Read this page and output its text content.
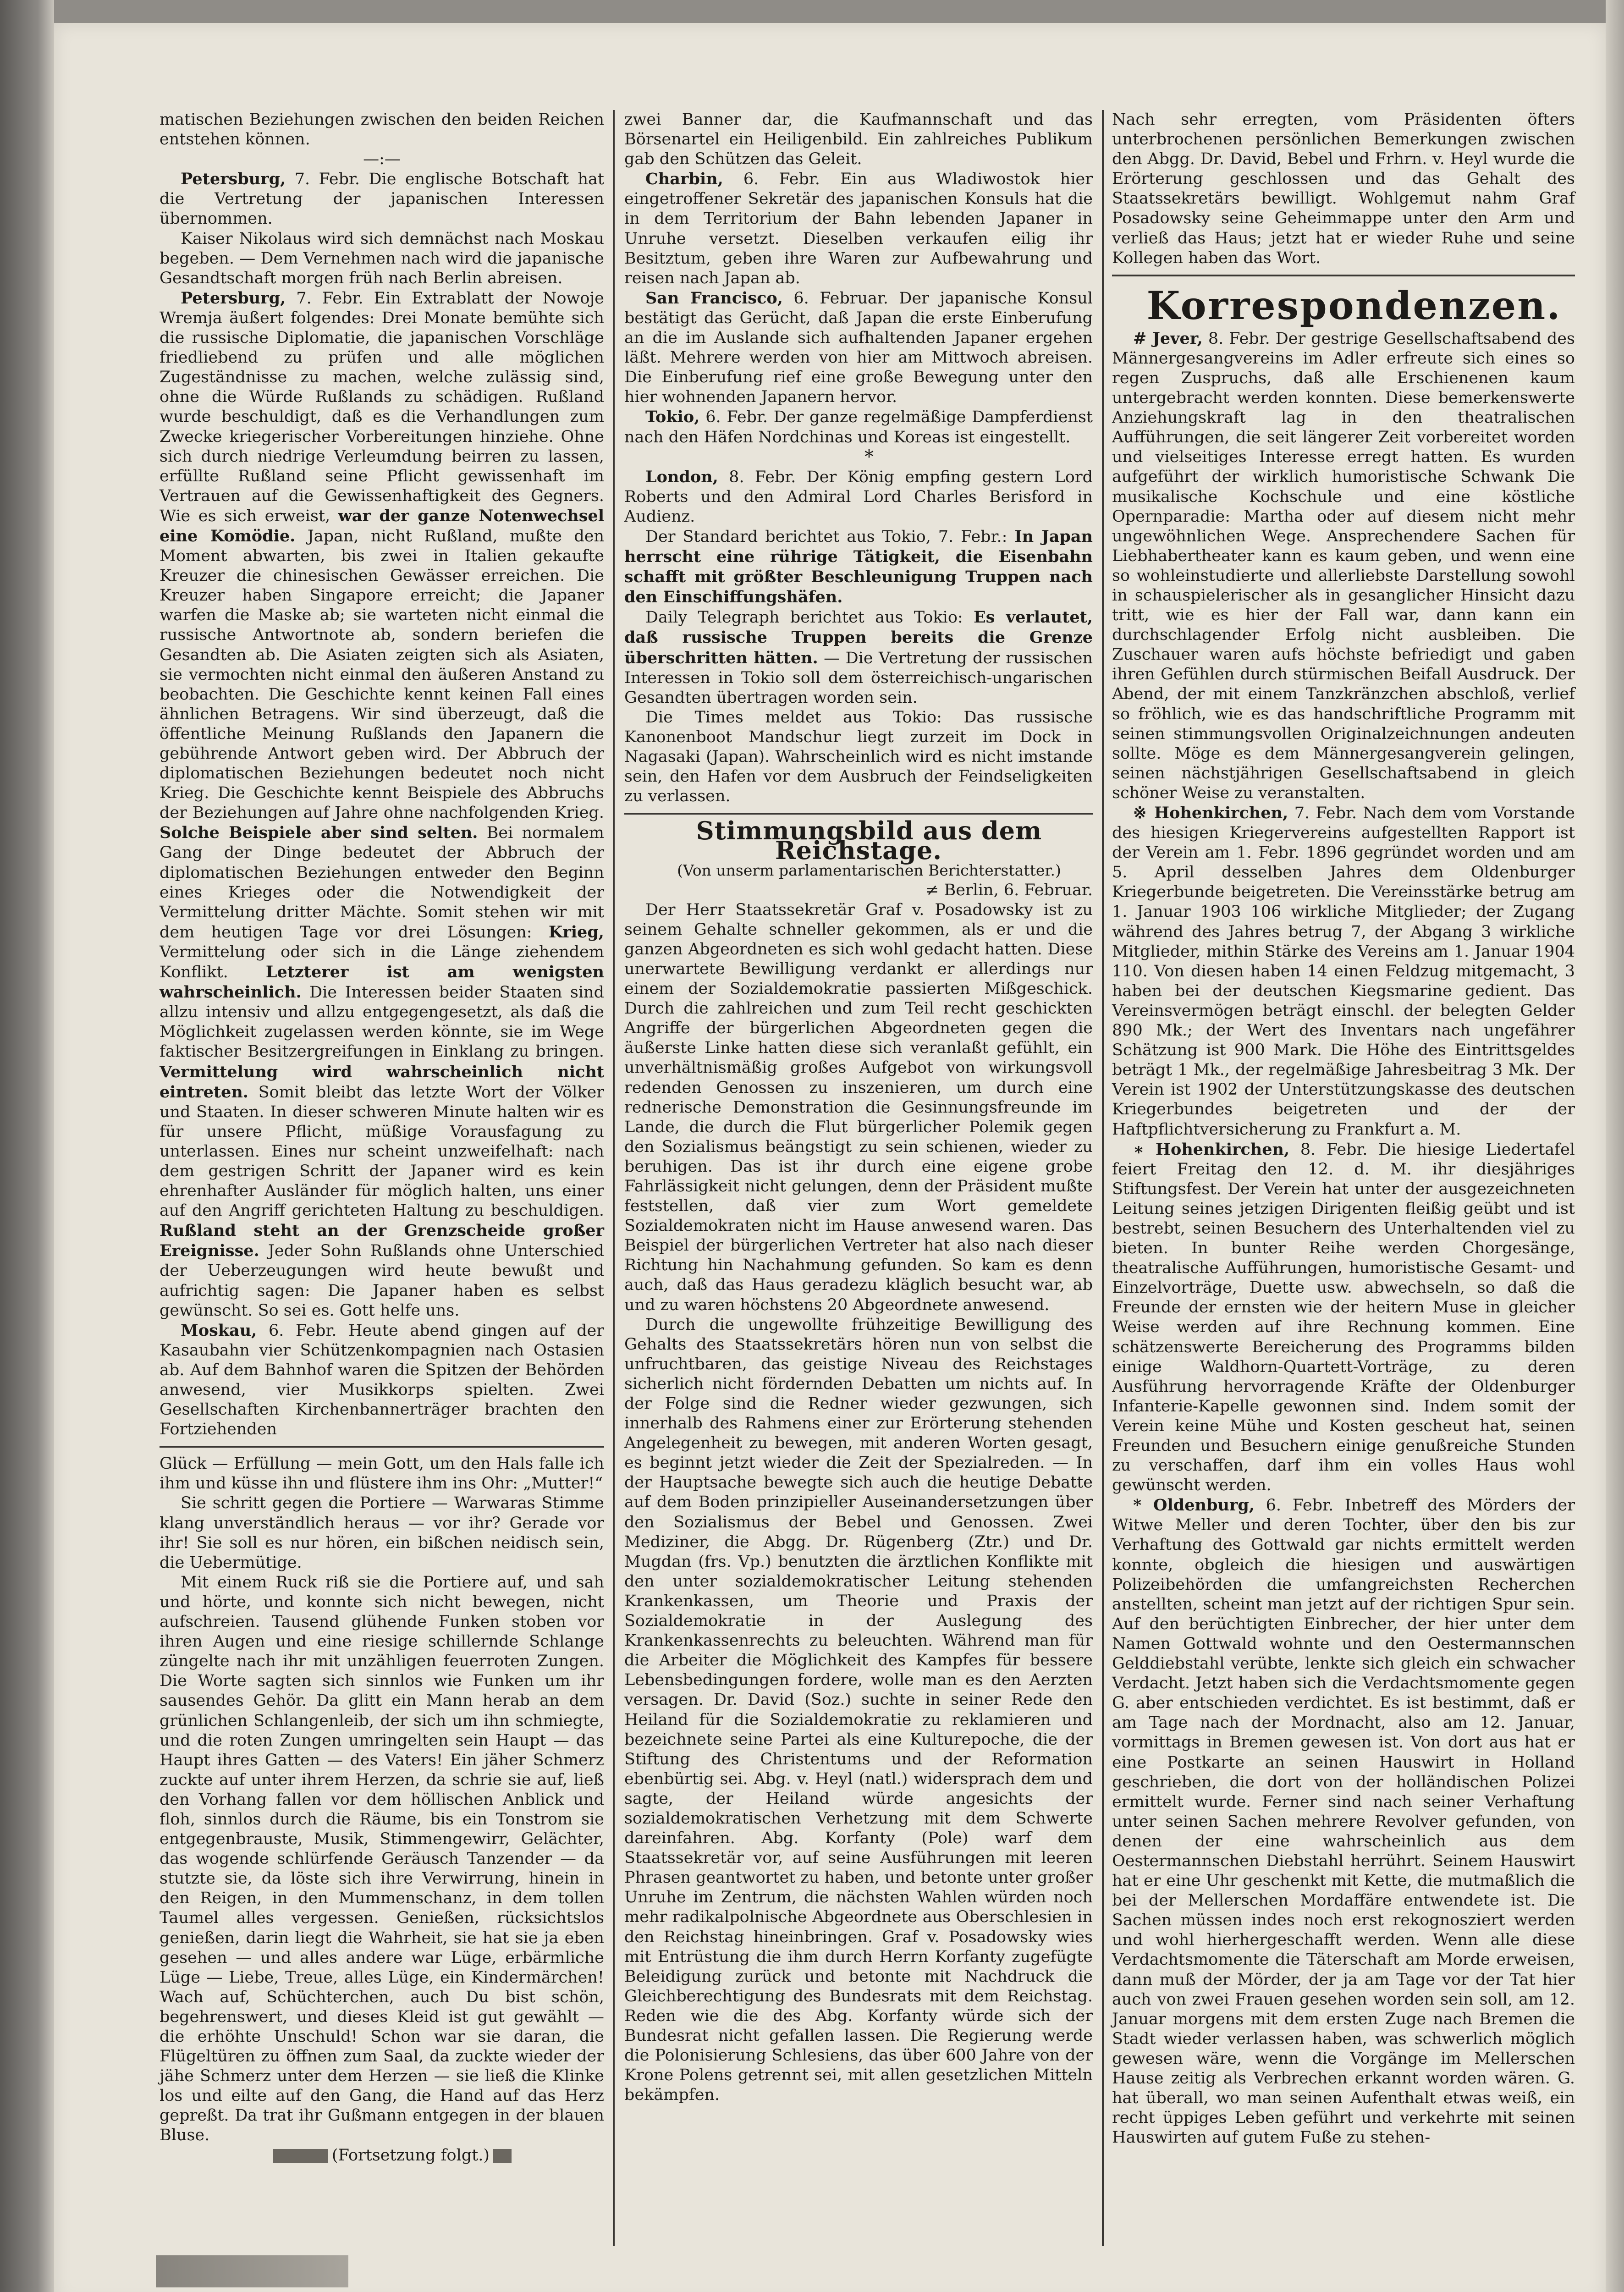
matischen Beziehungen zwischen den beiden Reichen entstehen können.

—:—

Petersburg, 7. Febr. Die englische Botschaft hat die Vertretung der japanischen Interessen übernommen.

Kaiser Nikolaus wird sich demnächst nach Moskau begeben. — Dem Vernehmen nach wird die japanische Gesandtschaft morgen früh nach Berlin abreisen.

Petersburg, 7. Febr. Ein Extrablatt der Nowoje Wremja äußert folgendes: Drei Monate bemühte sich die russische Diplomatie, die japanischen Vorschläge friedliebend zu prüfen und alle möglichen Zugeständnisse zu machen, welche zulässig sind, ohne die Würde Rußlands zu schädigen. Rußland wurde beschuldigt, daß es die Verhandlungen zum Zwecke kriegerischer Vorbereitungen hinziehe. Ohne sich durch niedrige Verleumdung beirren zu lassen, erfüllte Rußland seine Pflicht gewissenhaft im Vertrauen auf die Gewissenhaftigkeit des Gegners. Wie es sich erweist, war der ganze Notenwechsel eine Komödie. Japan, nicht Rußland, mußte den Moment abwarten, bis zwei in Italien gekaufte Kreuzer die chinesischen Gewässer erreichen. Die Kreuzer haben Singapore erreicht; die Japaner warfen die Maske ab; sie warteten nicht einmal die russische Antwortnote ab, sondern beriefen die Gesandten ab. Die Asiaten zeigten sich als Asiaten, sie vermochten nicht einmal den äußeren Anstand zu beobachten. Die Geschichte kennt keinen Fall eines ähnlichen Betragens. Wir sind überzeugt, daß die öffentliche Meinung Rußlands den Japanern die gebührende Antwort geben wird. Der Abbruch der diplomatischen Beziehungen bedeutet noch nicht Krieg. Die Geschichte kennt Beispiele des Abbruchs der Beziehungen auf Jahre ohne nachfolgenden Krieg. Solche Beispiele aber sind selten. Bei normalem Gang der Dinge bedeutet der Abbruch der diplomatischen Beziehungen entweder den Beginn eines Krieges oder die Notwendigkeit der Vermittelung dritter Mächte. Somit stehen wir mit dem heutigen Tage vor drei Lösungen: Krieg, Vermittelung oder sich in die Länge ziehendem Konflikt. Letzterer ist am wenigsten wahrscheinlich. Die Interessen beider Staaten sind allzu intensiv und allzu entgegengesetzt, als daß die Möglichkeit zugelassen werden könnte, sie im Wege faktischer Besitzergreifungen in Einklang zu bringen. Vermittelung wird wahrscheinlich nicht eintreten. Somit bleibt das letzte Wort der Völker und Staaten. In dieser schweren Minute halten wir es für unsere Pflicht, müßige Vorausfagung zu unterlassen. Eines nur scheint unzweifelhaft: nach dem gestrigen Schritt der Japaner wird es kein ehrenhafter Ausländer für möglich halten, uns einer auf den Angriff gerichteten Haltung zu beschuldigen. Rußland steht an der Grenzscheide großer Ereignisse. Jeder Sohn Rußlands ohne Unterschied der Ueberzeugungen wird heute bewußt und aufrichtig sagen: Die Japaner haben es selbst gewünscht. So sei es. Gott helfe uns.

Moskau, 6. Febr. Heute abend gingen auf der Kasaubahn vier Schützenkompagnien nach Ostasien ab. Auf dem Bahnhof waren die Spitzen der Behörden anwesend, vier Musikkorps spielten. Zwei Gesellschaften Kirchenbannerträger brachten den Fortziehenden

Glück — Erfüllung — mein Gott, um den Hals falle ich ihm und küsse ihn und flüstere ihm ins Ohr: „Mutter!“

Sie schritt gegen die Portiere — Warwaras Stimme klang unverständlich heraus — vor ihr? Gerade vor ihr! Sie soll es nur hören, ein bißchen neidisch sein, die Uebermütige.

Mit einem Ruck riß sie die Portiere auf, und sah und hörte, und konnte sich nicht bewegen, nicht aufschreien. Tausend glühende Funken stoben vor ihren Augen und eine riesige schillernde Schlange züngelte nach ihr mit unzähligen feuerroten Zungen. Die Worte sagten sich sinnlos wie Funken um ihr sausendes Gehör. Da glitt ein Mann herab an dem grünlichen Schlangenleib, der sich um ihn schmiegte, und die roten Zungen umringelten sein Haupt — das Haupt ihres Gatten — des Vaters! Ein jäher Schmerz zuckte auf unter ihrem Herzen, da schrie sie auf, ließ den Vorhang fallen vor dem höllischen Anblick und floh, sinnlos durch die Räume, bis ein Tonstrom sie entgegenbrauste, Musik, Stimmengewirr, Gelächter, das wogende schlürfende Geräusch Tanzender — da stutzte sie, da löste sich ihre Verwirrung, hinein in den Reigen, in den Mummenschanz, in dem tollen Taumel alles vergessen. Genießen, rücksichtslos genießen, darin liegt die Wahrheit, sie hat sie ja eben gesehen — und alles andere war Lüge, erbärmliche Lüge — Liebe, Treue, alles Lüge, ein Kindermärchen! Wach auf, Schüchterchen, auch Du bist schön, begehrenswert, und dieses Kleid ist gut gewählt — die erhöhte Unschuld! Schon war sie daran, die Flügeltüren zu öffnen zum Saal, da zuckte wieder der jähe Schmerz unter dem Herzen — sie ließ die Klinke los und eilte auf den Gang, die Hand auf das Herz gepreßt. Da trat ihr Gußmann entgegen in der blauen Bluse.

(Fortsetzung folgt.)

zwei Banner dar, die Kaufmannschaft und das Börsenartel ein Heiligenbild. Ein zahlreiches Publikum gab den Schützen das Geleit.

Charbin, 6. Febr. Ein aus Wladiwostok hier eingetroffener Sekretär des japanischen Konsuls hat die in dem Territorium der Bahn lebenden Japaner in Unruhe versetzt. Dieselben verkaufen eilig ihr Besitztum, geben ihre Waren zur Aufbewahrung und reisen nach Japan ab.

San Francisco, 6. Februar. Der japanische Konsul bestätigt das Gerücht, daß Japan die erste Einberufung an die im Auslande sich aufhaltenden Japaner ergehen läßt. Mehrere werden von hier am Mittwoch abreisen. Die Einberufung rief eine große Bewegung unter den hier wohnenden Japanern hervor.

Tokio, 6. Febr. Der ganze regelmäßige Dampferdienst nach den Häfen Nordchinas und Koreas ist eingestellt.

*

London, 8. Febr. Der König empfing gestern Lord Roberts und den Admiral Lord Charles Berisford in Audienz.

Der Standard berichtet aus Tokio, 7. Febr.: In Japan herrscht eine rührige Tätigkeit, die Eisenbahn schafft mit größter Beschleunigung Truppen nach den Einschiffungshäfen.

Daily Telegraph berichtet aus Tokio: Es verlautet, daß russische Truppen bereits die Grenze überschritten hätten. — Die Vertretung der russischen Interessen in Tokio soll dem österreichisch-ungarischen Gesandten übertragen worden sein.

Die Times meldet aus Tokio: Das russische Kanonenboot Mandschur liegt zurzeit im Dock in Nagasaki (Japan). Wahrscheinlich wird es nicht imstande sein, den Hafen vor dem Ausbruch der Feindseligkeiten zu verlassen.

Stimmungsbild aus dem Reichstage.

(Von unserm parlamentarischen Berichterstatter.)

≠ Berlin, 6. Februar.

Der Herr Staatssekretär Graf v. Posadowsky ist zu seinem Gehalte schneller gekommen, als er und die ganzen Abgeordneten es sich wohl gedacht hatten. Diese unerwartete Bewilligung verdankt er allerdings nur einem der Sozialdemokratie passierten Mißgeschick. Durch die zahlreichen und zum Teil recht geschickten Angriffe der bürgerlichen Abgeordneten gegen die äußerste Linke hatten diese sich veranlaßt gefühlt, ein unverhältnismäßig großes Aufgebot von wirkungsvoll redenden Genossen zu inszenieren, um durch eine rednerische Demonstration die Gesinnungsfreunde im Lande, die durch die Flut bürgerlicher Polemik gegen den Sozialismus beängstigt zu sein schienen, wieder zu beruhigen. Das ist ihr durch eine eigene grobe Fahrlässigkeit nicht gelungen, denn der Präsident mußte feststellen, daß vier zum Wort gemeldete Sozialdemokraten nicht im Hause anwesend waren. Das Beispiel der bürgerlichen Vertreter hat also nach dieser Richtung hin Nachahmung gefunden. So kam es denn auch, daß das Haus geradezu kläglich besucht war, ab und zu waren höchstens 20 Abgeordnete anwesend.

Durch die ungewollte frühzeitige Bewilligung des Gehalts des Staatssekretärs hören nun von selbst die unfruchtbaren, das geistige Niveau des Reichstages sicherlich nicht fördernden Debatten um nichts auf. In der Folge sind die Redner wieder gezwungen, sich innerhalb des Rahmens einer zur Erörterung stehenden Angelegenheit zu bewegen, mit anderen Worten gesagt, es beginnt jetzt wieder die Zeit der Spezialreden. — In der Hauptsache bewegte sich auch die heutige Debatte auf dem Boden prinzipieller Auseinandersetzungen über den Sozialismus der Bebel und Genossen. Zwei Mediziner, die Abgg. Dr. Rügenberg (Ztr.) und Dr. Mugdan (frs. Vp.) benutzten die ärztlichen Konflikte mit den unter sozialdemokratischer Leitung stehenden Krankenkassen, um Theorie und Praxis der Sozialdemokratie in der Auslegung des Krankenkassenrechts zu beleuchten. Während man für die Arbeiter die Möglichkeit des Kampfes für bessere Lebensbedingungen fordere, wolle man es den Aerzten versagen. Dr. David (Soz.) suchte in seiner Rede den Heiland für die Sozialdemokratie zu reklamieren und bezeichnete seine Partei als eine Kulturepoche, die der Stiftung des Christentums und der Reformation ebenbürtig sei. Abg. v. Heyl (natl.) widersprach dem und sagte, der Heiland würde angesichts der sozialdemokratischen Verhetzung mit dem Schwerte dareinfahren. Abg. Korfanty (Pole) warf dem Staatssekretär vor, auf seine Ausführungen mit leeren Phrasen geantwortet zu haben, und betonte unter großer Unruhe im Zentrum, die nächsten Wahlen würden noch mehr radikalpolnische Abgeordnete aus Oberschlesien in den Reichstag hineinbringen. Graf v. Posadowsky wies mit Entrüstung die ihm durch Herrn Korfanty zugefügte Beleidigung zurück und betonte mit Nachdruck die Gleichberechtigung des Bundesrats mit dem Reichstag. Reden wie die des Abg. Korfanty würde sich der Bundesrat nicht gefallen lassen. Die Regierung werde die Polonisierung Schlesiens, das über 600 Jahre von der Krone Polens getrennt sei, mit allen gesetzlichen Mitteln bekämpfen.

Nach sehr erregten, vom Präsidenten öfters unterbrochenen persönlichen Bemerkungen zwischen den Abgg. Dr. David, Bebel und Frhrn. v. Heyl wurde die Erörterung geschlossen und das Gehalt des Staatssekretärs bewilligt. Wohlgemut nahm Graf Posadowsky seine Geheimmappe unter den Arm und verließ das Haus; jetzt hat er wieder Ruhe und seine Kollegen haben das Wort.

Korrespondenzen.

# Jever, 8. Febr. Der gestrige Gesellschaftsabend des Männergesangvereins im Adler erfreute sich eines so regen Zuspruchs, daß alle Erschienenen kaum untergebracht werden konnten. Diese bemerkenswerte Anziehungskraft lag in den theatralischen Aufführungen, die seit längerer Zeit vorbereitet worden und vielseitiges Interesse erregt hatten. Es wurden aufgeführt der wirklich humoristische Schwank Die musikalische Kochschule und eine köstliche Opernparadie: Martha oder auf diesem nicht mehr ungewöhnlichen Wege. Ansprechendere Sachen für Liebhabertheater kann es kaum geben, und wenn eine so wohleinstudierte und allerliebste Darstellung sowohl in schauspielerischer als in gesanglicher Hinsicht dazu tritt, wie es hier der Fall war, dann kann ein durchschlagender Erfolg nicht ausbleiben. Die Zuschauer waren aufs höchste befriedigt und gaben ihren Gefühlen durch stürmischen Beifall Ausdruck. Der Abend, der mit einem Tanzkränzchen abschloß, verlief so fröhlich, wie es das handschriftliche Programm mit seinen stimmungsvollen Originalzeichnungen andeuten sollte. Möge es dem Männergesangverein gelingen, seinen nächstjährigen Gesellschaftsabend in gleich schöner Weise zu veranstalten.

※ Hohenkirchen, 7. Febr. Nach dem vom Vorstande des hiesigen Kriegervereins aufgestellten Rapport ist der Verein am 1. Febr. 1896 gegründet worden und am 5. April desselben Jahres dem Oldenburger Kriegerbunde beigetreten. Die Vereinsstärke betrug am 1. Januar 1903 106 wirkliche Mitglieder; der Zugang während des Jahres betrug 7, der Abgang 3 wirkliche Mitglieder, mithin Stärke des Vereins am 1. Januar 1904 110. Von diesen haben 14 einen Feldzug mitgemacht, 3 haben bei der deutschen Kiegsmarine gedient. Das Vereinsvermögen beträgt einschl. der belegten Gelder 890 Mk.; der Wert des Inventars nach ungefährer Schätzung ist 900 Mark. Die Höhe des Eintrittsgeldes beträgt 1 Mk., der regelmäßige Jahresbeitrag 3 Mk. Der Verein ist 1902 der Unterstützungskasse des deutschen Kriegerbundes beigetreten und der der Haftpflichtversicherung zu Frankfurt a. M.

∗ Hohenkirchen, 8. Febr. Die hiesige Liedertafel feiert Freitag den 12. d. M. ihr diesjähriges Stiftungsfest. Der Verein hat unter der ausgezeichneten Leitung seines jetzigen Dirigenten fleißig geübt und ist bestrebt, seinen Besuchern des Unterhaltenden viel zu bieten. In bunter Reihe werden Chorgesänge, theatralische Aufführungen, humoristische Gesamt- und Einzelvorträge, Duette usw. abwechseln, so daß die Freunde der ernsten wie der heitern Muse in gleicher Weise werden auf ihre Rechnung kommen. Eine schätzenswerte Bereicherung des Programms bilden einige Waldhorn-Quartett-Vorträge, zu deren Ausführung hervorragende Kräfte der Oldenburger Infanterie-Kapelle gewonnen sind. Indem somit der Verein keine Mühe und Kosten gescheut hat, seinen Freunden und Besuchern einige genußreiche Stunden zu verschaffen, darf ihm ein volles Haus wohl gewünscht werden.

* Oldenburg, 6. Febr. Inbetreff des Mörders der Witwe Meller und deren Tochter, über den bis zur Verhaftung des Gottwald gar nichts ermittelt werden konnte, obgleich die hiesigen und auswärtigen Polizeibehörden die umfangreichsten Recherchen anstellten, scheint man jetzt auf der richtigen Spur sein. Auf den berüchtigten Einbrecher, der hier unter dem Namen Gottwald wohnte und den Oestermannschen Gelddiebstahl verübte, lenkte sich gleich ein schwacher Verdacht. Jetzt haben sich die Verdachtsmomente gegen G. aber entschieden verdichtet. Es ist bestimmt, daß er am Tage nach der Mordnacht, also am 12. Januar, vormittags in Bremen gewesen ist. Von dort aus hat er eine Postkarte an seinen Hauswirt in Holland geschrieben, die dort von der holländischen Polizei ermittelt wurde. Ferner sind nach seiner Verhaftung unter seinen Sachen mehrere Revolver gefunden, von denen der eine wahrscheinlich aus dem Oestermannschen Diebstahl herrührt. Seinem Hauswirt hat er eine Uhr geschenkt mit Kette, die mutmaßlich die bei der Mellerschen Mordaffäre entwendete ist. Die Sachen müssen indes noch erst rekognosziert werden und wohl hierhergeschafft werden. Wenn alle diese Verdachtsmomente die Täterschaft am Morde erweisen, dann muß der Mörder, der ja am Tage vor der Tat hier auch von zwei Frauen gesehen worden sein soll, am 12. Januar morgens mit dem ersten Zuge nach Bremen die Stadt wieder verlassen haben, was schwerlich möglich gewesen wäre, wenn die Vorgänge im Mellerschen Hause zeitig als Verbrechen erkannt worden wären. G. hat überall, wo man seinen Aufenthalt etwas weiß, ein recht üppiges Leben geführt und verkehrte mit seinen Hauswirten auf gutem Fuße zu stehen-
